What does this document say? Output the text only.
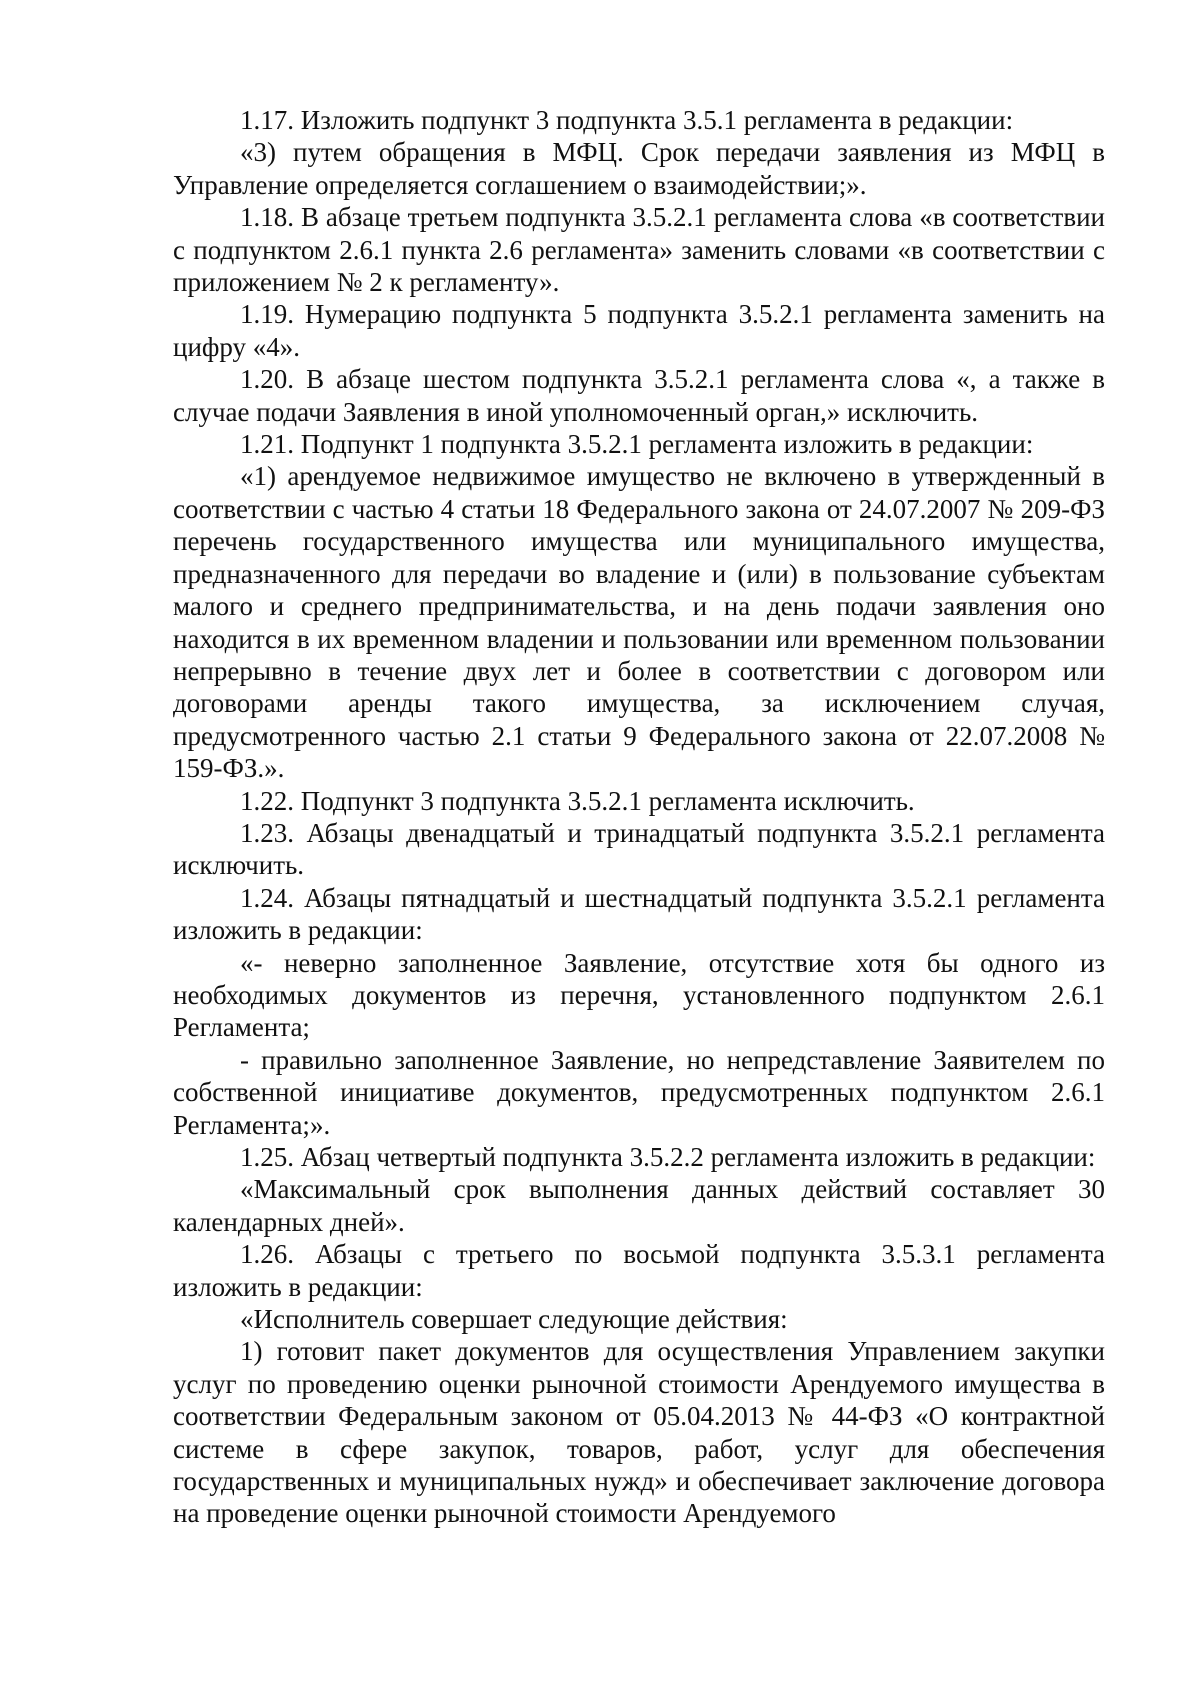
1.17. Изложить подпункт 3 подпункта 3.5.1 регламента в редакции:

«3) путем обращения в МФЦ. Срок передачи заявления из МФЦ в Управление определяется соглашением о взаимодействии;».

1.18. В абзаце третьем подпункта 3.5.2.1 регламента слова «в соответствии с подпунктом 2.6.1 пункта 2.6 регламента» заменить словами «в соответствии с приложением № 2 к регламенту».

1.19. Нумерацию подпункта 5 подпункта 3.5.2.1 регламента заменить на цифру «4».

1.20. В абзаце шестом подпункта 3.5.2.1 регламента слова «, а также в случае подачи Заявления в иной уполномоченный орган,» исключить.

1.21. Подпункт 1 подпункта 3.5.2.1 регламента изложить в редакции:

«1) арендуемое недвижимое имущество не включено в утвержденный в соответствии с частью 4 статьи 18 Федерального закона от 24.07.2007 № 209-ФЗ перечень государственного имущества или муниципального имущества, предназначенного для передачи во владение и (или) в пользование субъектам малого и среднего предпринимательства, и на день подачи заявления оно находится в их временном владении и пользовании или временном пользовании непрерывно в течение двух лет и более в соответствии с договором или договорами аренды такого имущества, за исключением случая, предусмотренного частью 2.1 статьи 9 Федерального закона от 22.07.2008 № 159-ФЗ.».

1.22. Подпункт 3 подпункта 3.5.2.1 регламента исключить.

1.23. Абзацы двенадцатый и тринадцатый подпункта 3.5.2.1 регламента исключить.

1.24. Абзацы пятнадцатый и шестнадцатый подпункта 3.5.2.1 регламента изложить в редакции:

«- неверно заполненное Заявление, отсутствие хотя бы одного из необходимых документов из перечня, установленного подпунктом 2.6.1 Регламента;

- правильно заполненное Заявление, но непредставление Заявителем по собственной инициативе документов, предусмотренных подпунктом 2.6.1 Регламента;».

1.25. Абзац четвертый подпункта 3.5.2.2 регламента изложить в редакции:

«Максимальный срок выполнения данных действий составляет 30 календарных дней».

1.26. Абзацы с третьего по восьмой подпункта 3.5.3.1 регламента изложить в редакции:

«Исполнитель совершает следующие действия:

1) готовит пакет документов для осуществления Управлением закупки услуг по проведению оценки рыночной стоимости Арендуемого имущества в соответствии Федеральным законом от 05.04.2013 № 44-ФЗ «О контрактной системе в сфере закупок, товаров, работ, услуг для обеспечения государственных и муниципальных нужд» и обеспечивает заключение договора на проведение оценки рыночной стоимости Арендуемого
